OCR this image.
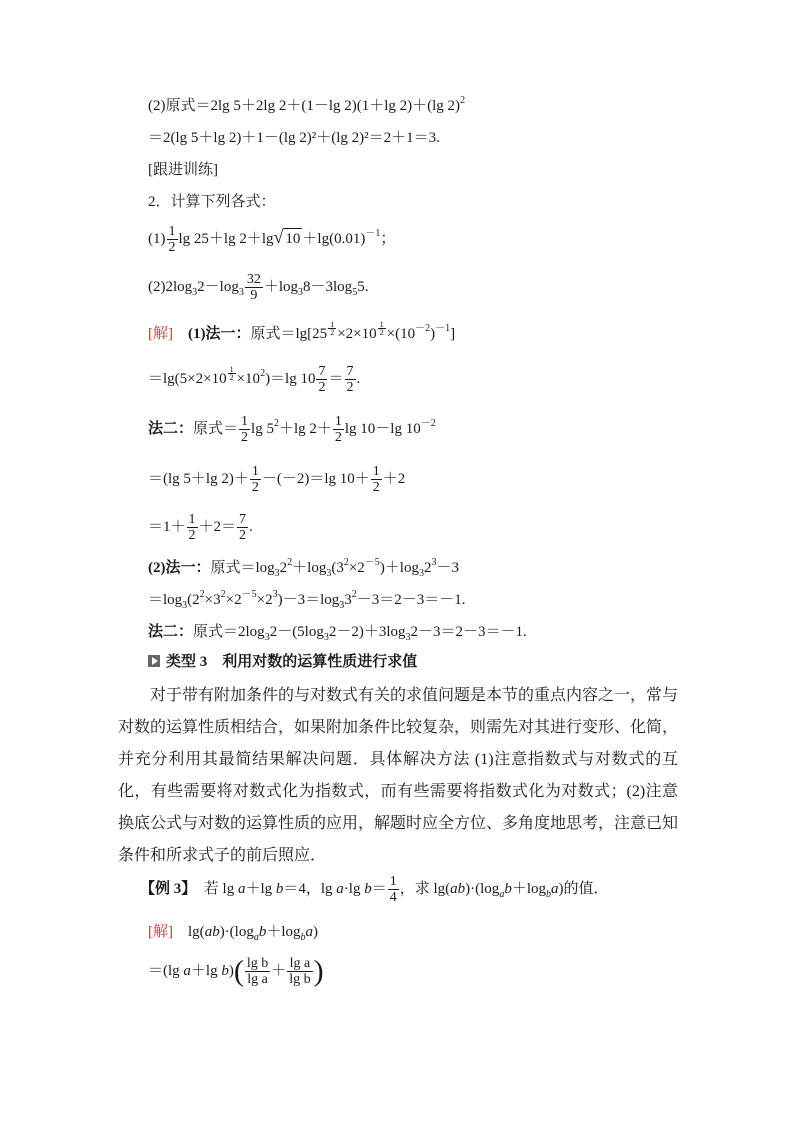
(2)原式＝2lg 5＋2lg 2＋(1－lg 2)(1＋lg 2)＋(lg 2)$^2$
＝2(lg 5＋lg 2)＋1－(lg 2)²＋(lg 2)²＝2＋1＝3.
[跟进训练]
2．计算下列各式：
$(1) \frac{1}{2}$ lg 25＋lg 2＋lg√ $10 +\lg(0.01)^{-1}$；
$(2)2\log_32-\log_3 \frac{32}{9} +\log_38-3\log_55$.
[解]　 (1)法一：原式＝lg[25 $^{\frac{1}{2}}$ ×2×10 $^{\frac{1}{2}} \times(10^{-2})^{-1}$]
＝lg(5×2×10 $^{\frac{1}{2}} \times 10^2)=\lg$ $10 \frac{7}{2} = \frac{7}{2}$ .
法二：原式＝ $\frac{1}{2}$ $\lg 5^2+\lg$ $2+ \frac{1}{2}$ lg 10－lg $10^{-2}$
＝(lg 5＋lg $2)+ \frac{1}{2} -(-2)=\lg$ $10+ \frac{1}{2} +2$
$=1+ \frac{1}{2} +2= \frac{7}{2}$ .
(2)法一：原式$=\log_32^2+\log_3(3^2\times 2^{-5})+\log_32^3-3$
$=\log_3(2^2\times 3^2\times 2^{-5}\times 2^3)-3=\log_33^2-3=2-3=-1$.
法二：原式$=2\log_32-(5\log_32-2)+3\log_32-3=2-3=-1$.
类型 3　利用对数的运算性质进行求值
对于带有附加条件的与对数式有关的求值问题是本节的重点内容之一，常与对数的运算性质相结合，如果附加条件比较复杂，则需先对其进行变形、化简，并充分利用其最简结果解决问题．具体解决方法 (1)注意指数式与对数式的互化，有些需要将对数式化为指数式，而有些需要将指数式化为对数式；(2)注意换底公式与对数的运算性质的应用，解题时应全方位、多角度地思考，注意已知条件和所求式子的前后照应．
【例 3】　 若 lg a＋lg b＝4，lg a·lg $b= \frac{1}{4}$ ，求 $\lg(ab)\cdot(\log_ab+\log_ba)$的值．
[解]　 $\lg(ab)\cdot(\log_ab+\log_ba)$
＝(lg a＋lg $b)( \frac{\text{lg b}}{\text{lg a}} + \frac{\text{lg a}}{\text{lg b}}$ )
